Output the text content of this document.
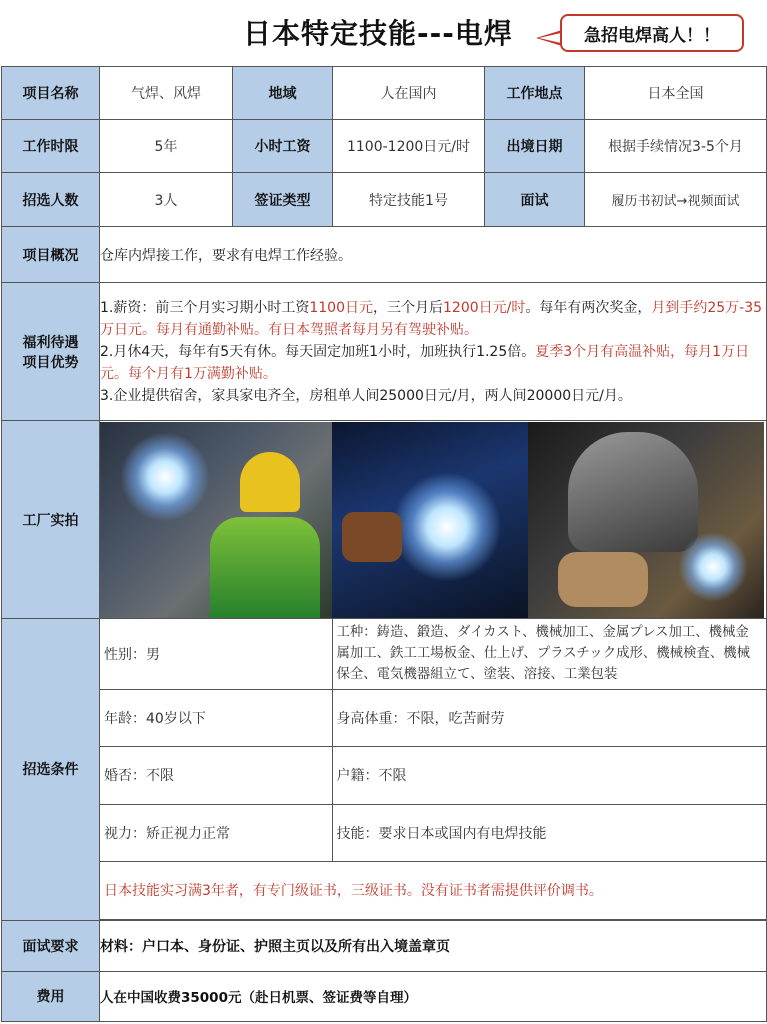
日本特定技能---电焊	急招电焊高人！！
项目名称	气焊、风焊	地域	人在国内	工作地点	日本全国
工作时限	5年	小时工资	1100-1200日元/时	出境日期	根据手续情况3-5个月
招选人数	3人	签证类型	特定技能1号	面试	履历书初试→视频面试
项目概况	仓库内焊接工作，要求有电焊工作经验。

福利待遇
项目优势
	1.薪资：前三个月实习期小时工资1100日元，三个月后1200日元/时。每年有两次奖金，月到手约25万-35万日元。每月有通勤补贴。有日本驾照者每月另有驾驶补贴。
2.月休4天，每年有5天有休。每天固定加班1小时，加班执行1.25倍。夏季3个月有高温补贴，每月1万日元。每个月有1万满勤补贴。
3.企业提供宿舍，家具家电齐全，房租单人间25000日元/月，两人间20000日元/月。
工厂实拍	

招选条件	
性别：男	工种：鋳造、鍛造、ダイカスト、機械加工、金属プレス加工、機械金属加工、鉄工工場板金、仕上げ、プラスチック成形、機械検査、機械保全、電気機器組立て、塗装、溶接、工業包装
年龄：40岁以下	身高体重：不限，吃苦耐劳
婚否：不限	户籍：不限
视力：矫正视力正常	技能：要求日本或国内有电焊技能
日本技能实习满3年者，有专门级证书，三级证书。没有证书者需提供评价调书。

面试要求	材料：户口本、身份证、护照主页以及所有出入境盖章页
费用	人在中国收费35000元（赴日机票、签证费等自理）
